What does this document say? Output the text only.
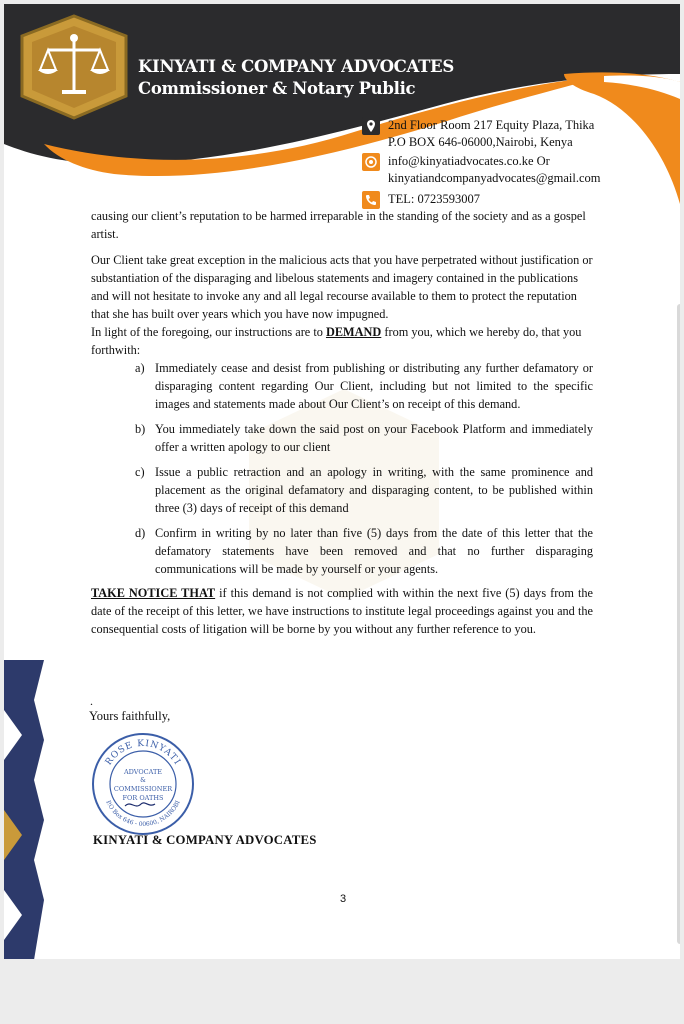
KINYATI & COMPANY ADVOCATES
Commissioner & Notary Public
2nd Floor Room 217 Equity Plaza, Thika
P.O BOX 646-06000,Nairobi, Kenya
info@kinyatiadvocates.co.ke Or
kinyatiandcompanyadvocates@gmail.com
TEL: 0723593007

causing our client’s reputation to be harmed irreparable in the standing of the society and as a gospel artist.

Our Client take great exception in the malicious acts that you have perpetrated without justification or substantiation of the disparaging and libelous statements and imagery contained in the publications and will not hesitate to invoke any and all legal recourse available to them to protect the reputation that she has built over years which you have now impugned.

In light of the foregoing, our instructions are to DEMAND from you, which we hereby do, that you forthwith:

a) Immediately cease and desist from publishing or distributing any further defamatory or disparaging content regarding Our Client, including but not limited to the specific images and statements made about Our Client’s on receipt of this demand.
b) You immediately take down the said post on your Facebook Platform and immediately offer a written apology to our client
c) Issue a public retraction and an apology in writing, with the same prominence and placement as the original defamatory and disparaging content, to be published within three (3) days of receipt of this demand
d) Confirm in writing by no later than five (5) days from the date of this letter that the defamatory statements have been removed and that no further disparaging communications will be made by yourself or your agents.

TAKE NOTICE THAT if this demand is not complied with within the next five (5) days from the date of the receipt of this letter, we have instructions to institute legal proceedings against you and the consequential costs of litigation will be borne by you without any further reference to you.

.
Yours faithfully,
ROSE KINYATI
P.O Box 646 - 00600, NAIROBI
ADVOCATE
&
COMMISSIONER
FOR OATHS
KINYATI & COMPANY ADVOCATES
3
